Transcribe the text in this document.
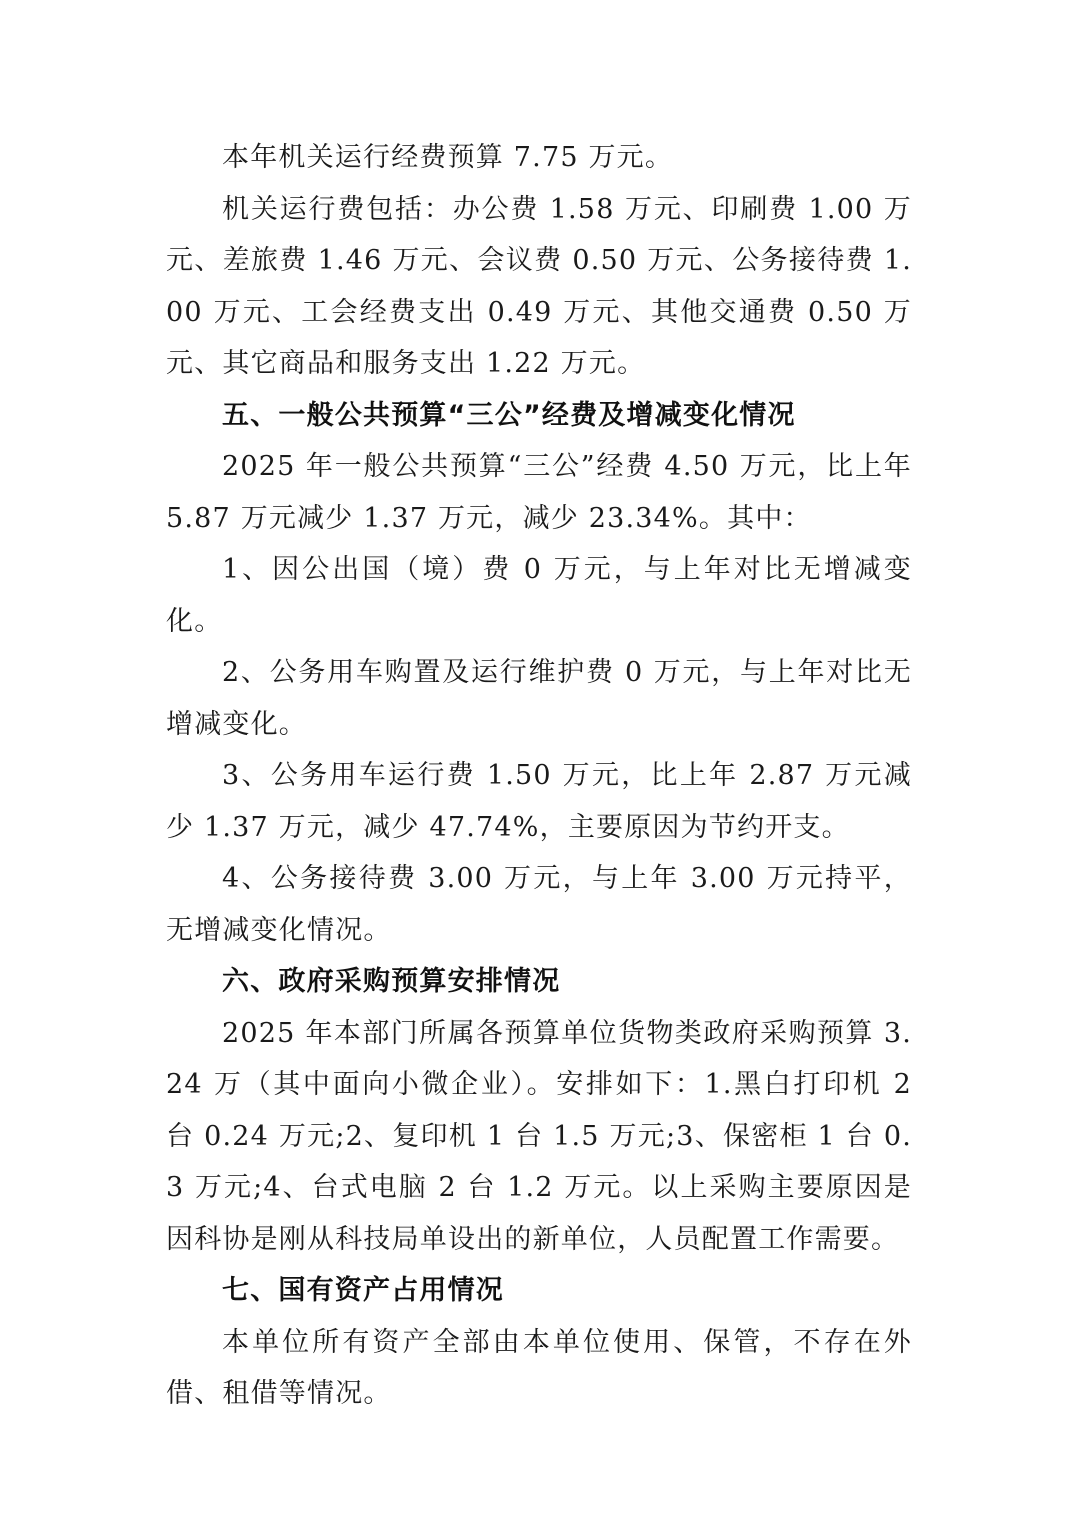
本年机关运行经费预算 7.75 万元。

机关运行费包括：办公费 1.58 万元、印刷费 1.00 万元、差旅费 1.46 万元、会议费 0.50 万元、公务接待费 1.00 万元、工会经费支出 0.49 万元、其他交通费 0.50 万元、其它商品和服务支出 1.22 万元。

五、一般公共预算“三公”经费及增减变化情况

2025 年一般公共预算“三公”经费 4.50 万元，比上年 5.87 万元减少 1.37 万元，减少 23.34%。其中：

1、因公出国（境）费 0 万元，与上年对比无增减变化。

2、公务用车购置及运行维护费 0 万元，与上年对比无增减变化。

3、公务用车运行费 1.50 万元，比上年 2.87 万元减少 1.37 万元，减少 47.74%，主要原因为节约开支。

4、公务接待费 3.00 万元，与上年 3.00 万元持平，无增减变化情况。

六、政府采购预算安排情况

2025 年本部门所属各预算单位货物类政府采购预算 3.24 万（其中面向小微企业）。安排如下：1.黑白打印机 2 台 0.24 万元;2、复印机 1 台 1.5 万元;3、保密柜 1 台 0.3 万元;4、台式电脑 2 台 1.2 万元。以上采购主要原因是因科协是刚从科技局单设出的新单位，人员配置工作需要。

七、国有资产占用情况

本单位所有资产全部由本单位使用、保管，不存在外借、租借等情况。
